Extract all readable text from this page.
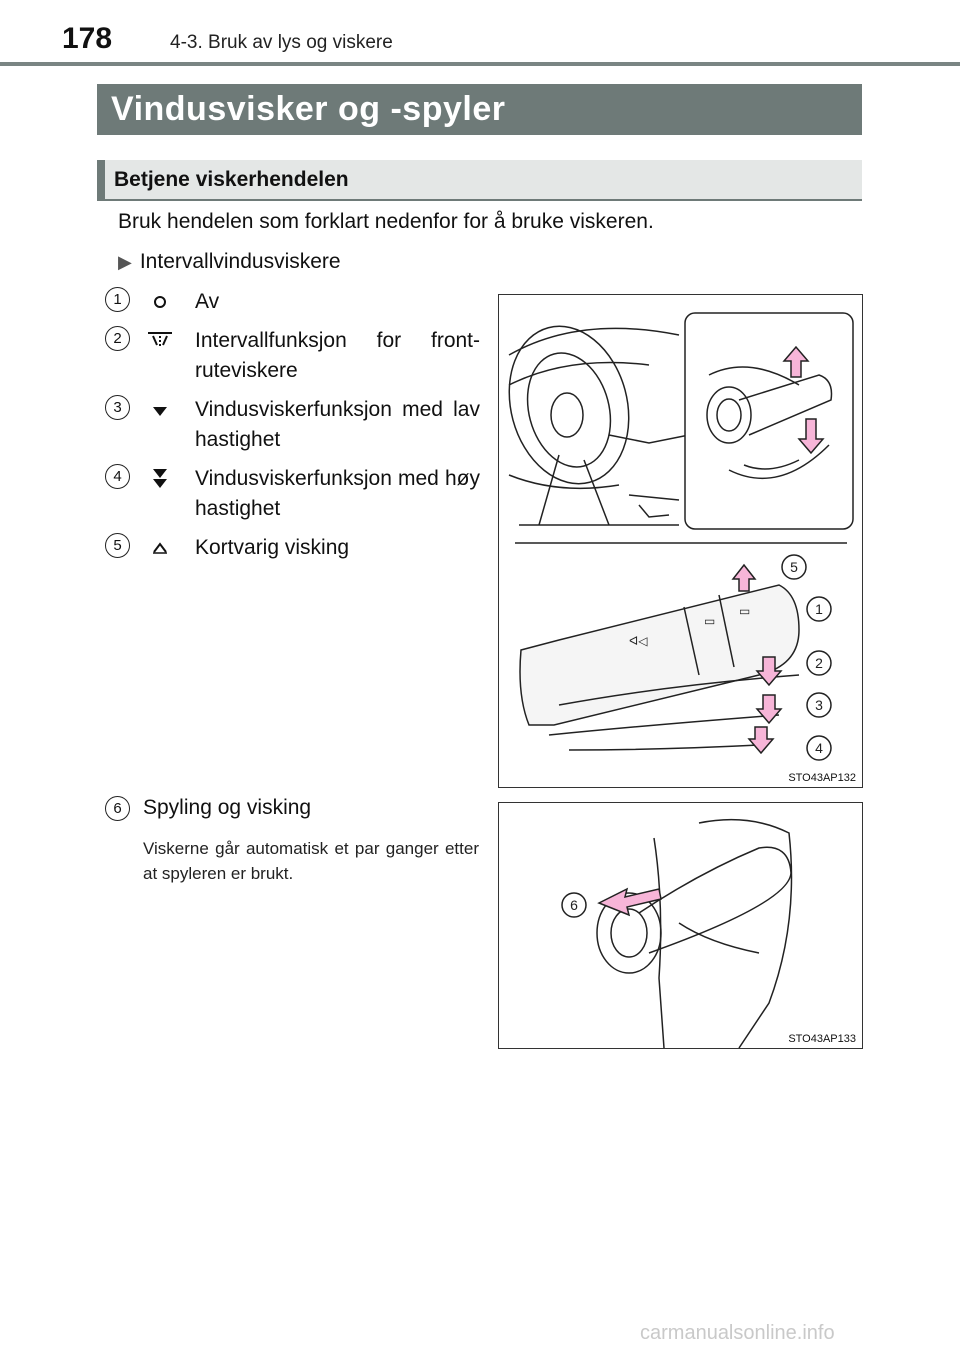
178	4-3. Bruk av lys og viskere
Vindusvisker og -spyler
Betjene viskerhendelen
Bruk hendelen som forklart nedenfor for å bruke viskeren.
▶ Intervallvindusviskere
1	Av
2	Intervallfunksjon for front-ruteviskere
3	Vindusviskerfunksjon med lav hastighet
4	Vindusviskerfunksjon med høy hastighet
5	Kortvarig visking
6	Spyling og visking
Viskerne går automatisk et par ganger etter at spyleren er brukt.
ᐊ◁
▭
▭
5
1
2
3
4
STO43AP132
6
STO43AP133
carmanualsonline.info
